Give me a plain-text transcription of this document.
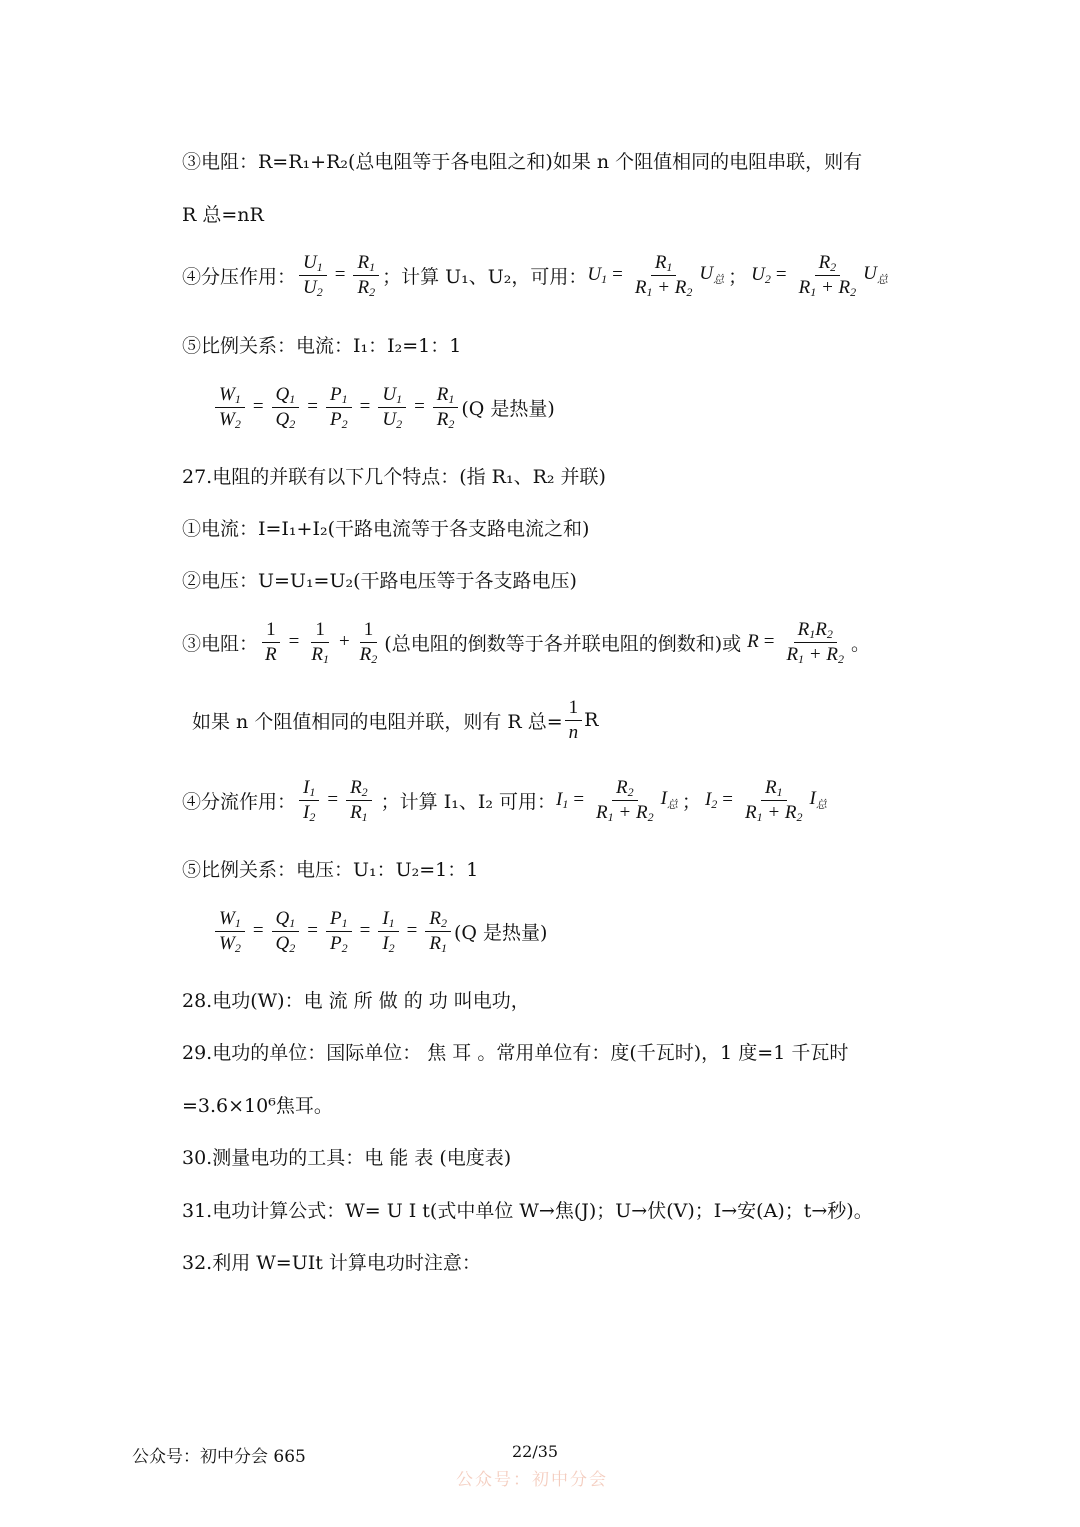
③电阻：R=R₁+R₂(总电阻等于各电阻之和)如果 n 个阻值相同的电阻串联，则有
R 总=nR
④分压作用： $\frac{U_1}{U_2} = \frac{R_1}{R_2}$ ；计算 U₁、U₂，可用： $U_1 = \frac{R_1}{R_1 + R_2} U_总$ ； $U_2 = \frac{R_2}{R_1 + R_2} U_总$
⑤比例关系：电流：I₁：I₂=1：1
$\frac{W_1}{W_2} = \frac{Q_1}{Q_2} = \frac{P_1}{P_2} = \frac{U_1}{U_2} = \frac{R_1}{R_2} (Q$ 是热量)
27.电阻的并联有以下几个特点：(指 R₁、R₂ 并联)
①电流：I=I₁+I₂(干路电流等于各支路电流之和)
②电压：U=U₁=U₂(干路电压等于各支路电压)
③电阻： $\frac{1}{R} = \frac{1}{R_1} + \frac{1}{R_2}$ (总电阻的倒数等于各并联电阻的倒数和)或 $R = \frac{R_1R_2}{R_1 + R_2}$ 。
如果 n 个阻值相同的电阻并联，则有 R 总= $\frac{1}{n}$ R
④分流作用： $\frac{I_1}{I_2} = \frac{R_2}{R_1}$ ；计算 I₁、I₂ 可用： $I_1 = \frac{R_2}{R_1 + R_2} I_总$ ； $I_2 = \frac{R_1}{R_1 + R_2} I_总$
⑤比例关系：电压：U₁：U₂=1：1
$\frac{W_1}{W_2} = \frac{Q_1}{Q_2} = \frac{P_1}{P_2} = \frac{I_1}{I_2} = \frac{R_2}{R_1} (Q$ 是热量)
28.电功(W)：电 流 所 做 的 功 叫电功，
29.电功的单位：国际单位： 焦 耳 。常用单位有：度(千瓦时)，1 度=1 千瓦时
=3.6×10⁶焦耳。
30.测量电功的工具：电 能 表 (电度表)
31.电功计算公式：W= U I t(式中单位 W→焦(J)；U→伏(V)；I→安(A)；t→秒)。
32.利用 W=UIt 计算电功时注意：
公众号：初中分会 665	22/35
公众号：初中分会
